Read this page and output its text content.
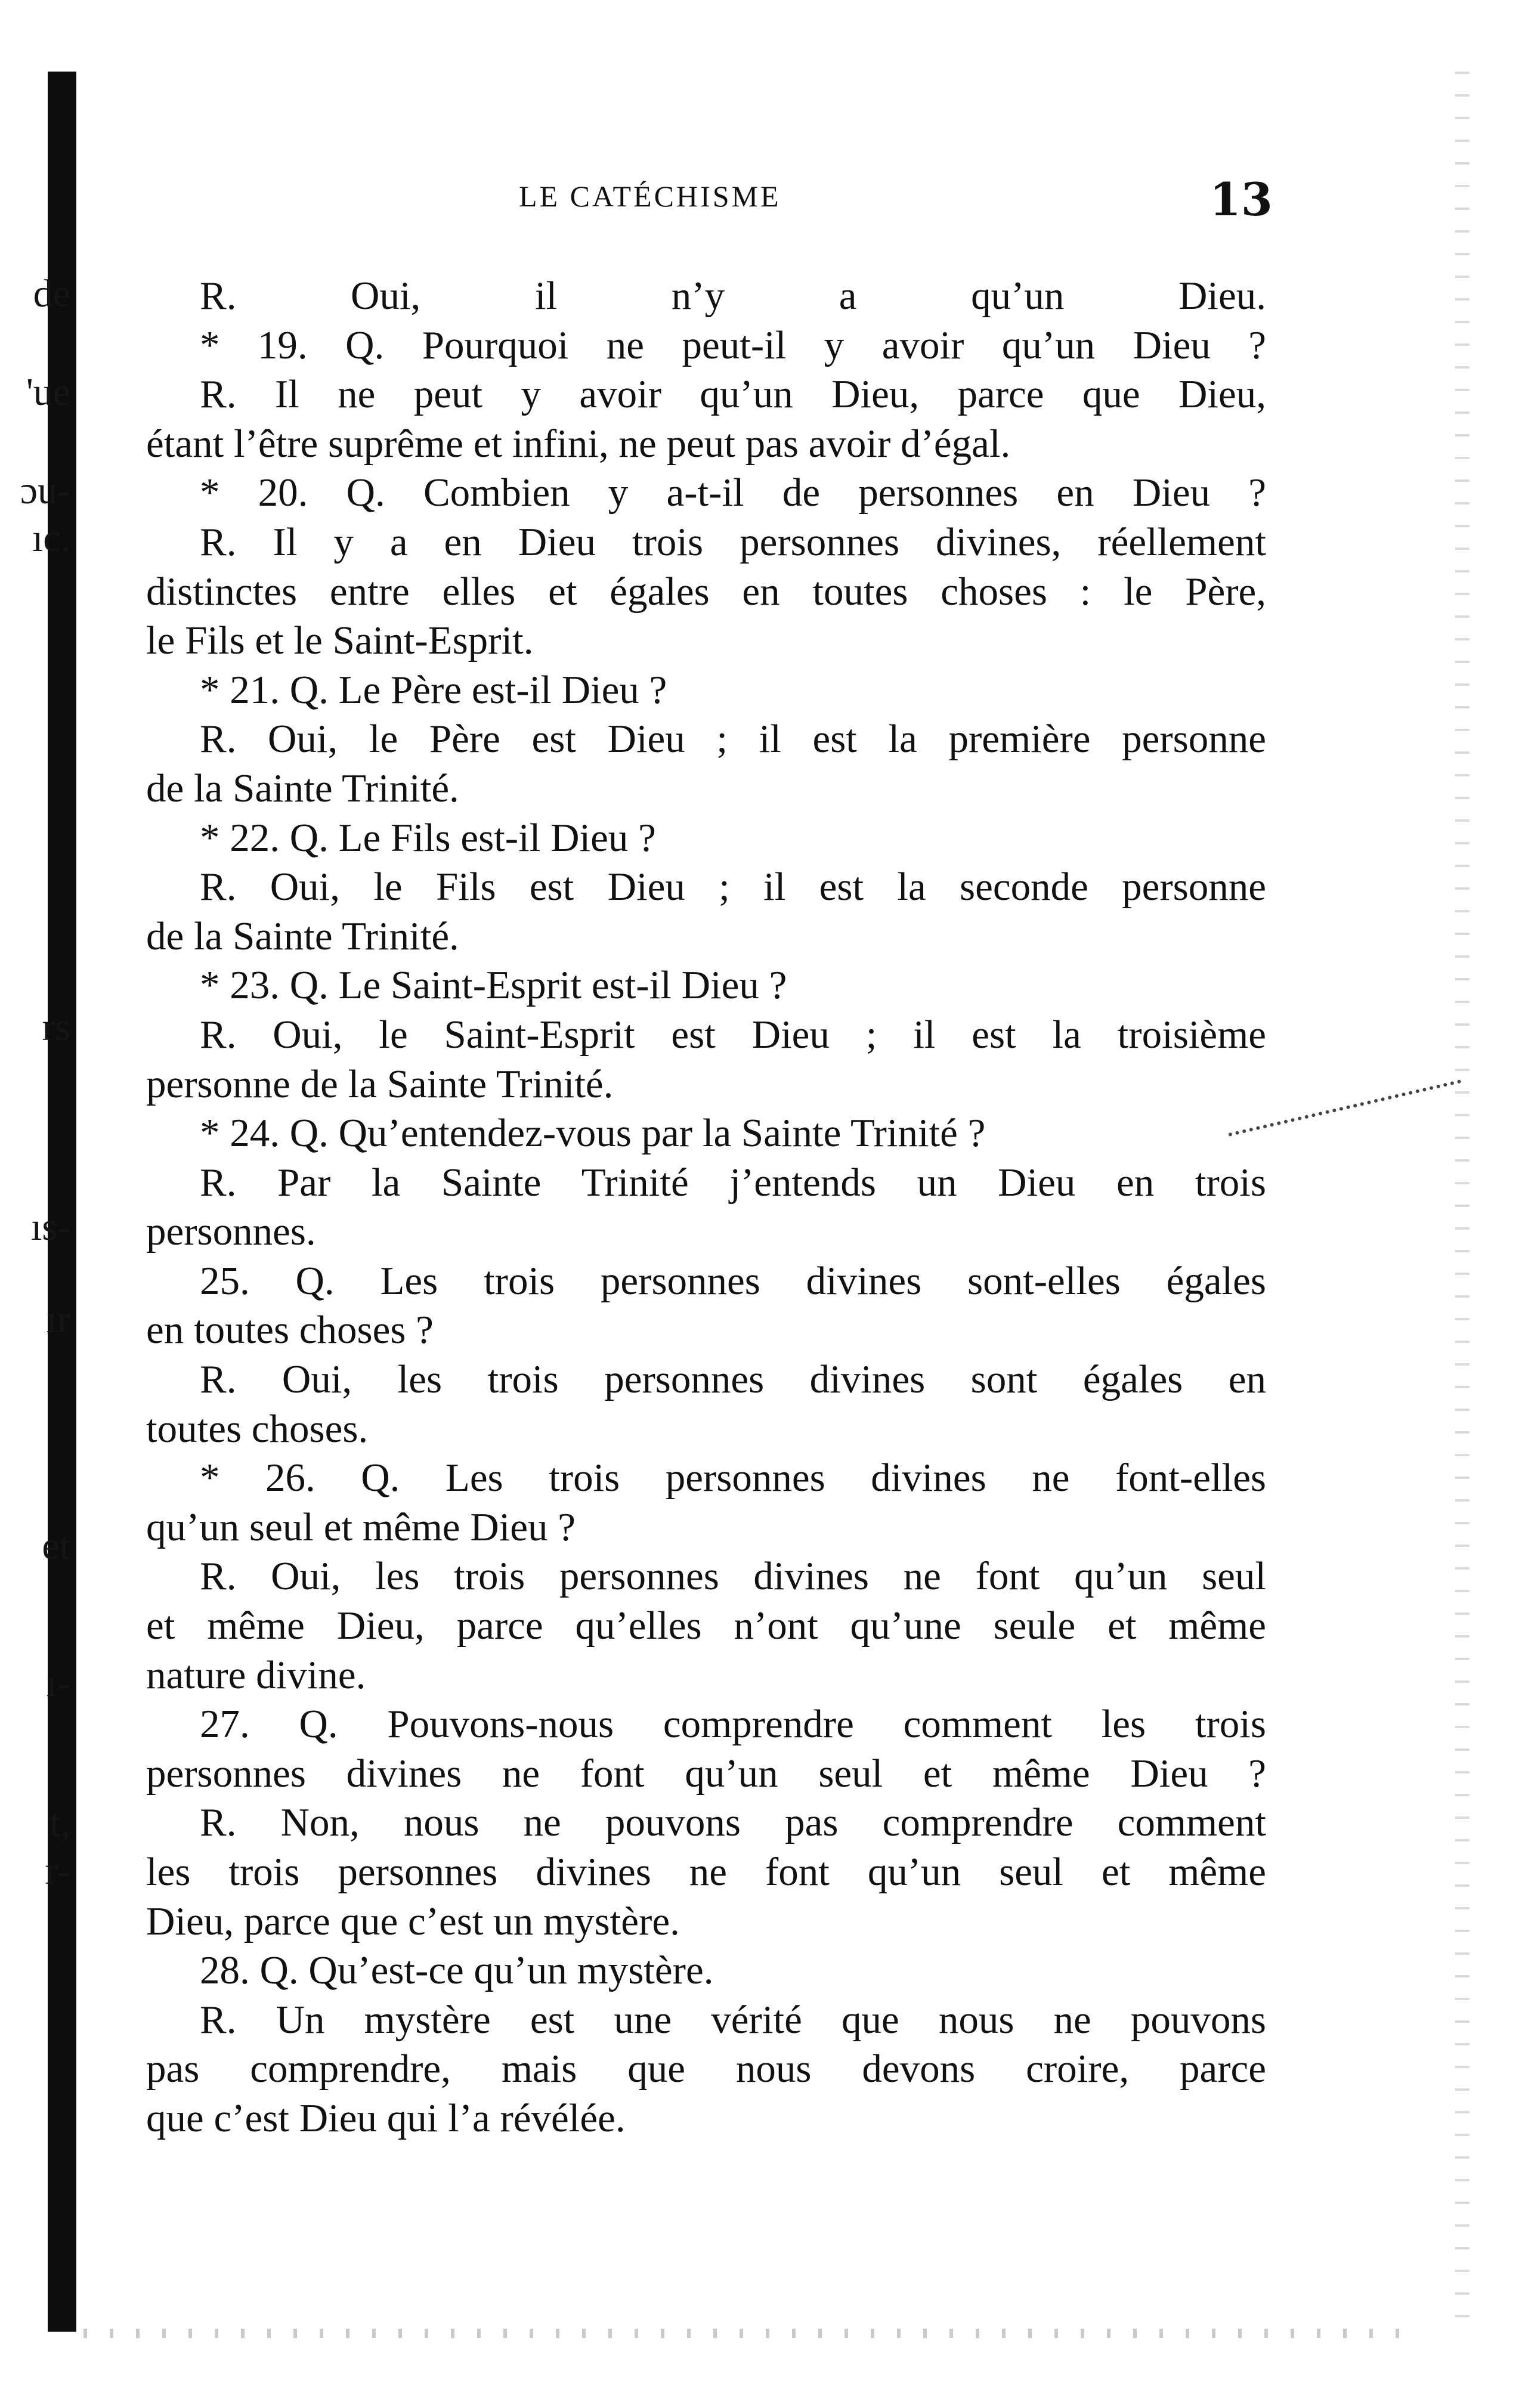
de
'ue
ɔu-
ıc.
rs
ıs-
ır
et
ı-
t,
r-
LE CATÉCHISME	13
R. Oui, il n’y a qu’un Dieu.
* 19. Q. Pourquoi ne peut-il y avoir qu’un Dieu ?
R. Il ne peut y avoir qu’un Dieu, parce que Dieu,
étant l’être suprême et infini, ne peut pas avoir d’égal.
* 20. Q. Combien y a-t-il de personnes en Dieu ?
R. Il y a en Dieu trois personnes divines, réellement
distinctes entre elles et égales en toutes choses : le Père,
le Fils et le Saint-Esprit.
* 21. Q. Le Père est-il Dieu ?
R. Oui, le Père est Dieu ; il est la première personne
de la Sainte Trinité.
* 22. Q. Le Fils est-il Dieu ?
R. Oui, le Fils est Dieu ; il est la seconde personne
de la Sainte Trinité.
* 23. Q. Le Saint-Esprit est-il Dieu ?
R. Oui, le Saint-Esprit est Dieu ; il est la troisième
personne de la Sainte Trinité.
* 24. Q. Qu’entendez-vous par la Sainte Trinité ?
R. Par la Sainte Trinité j’entends un Dieu en trois
personnes.
25. Q. Les trois personnes divines sont-elles égales
en toutes choses ?
R. Oui, les trois personnes divines sont égales en
toutes choses.
* 26. Q. Les trois personnes divines ne font-elles
qu’un seul et même Dieu ?
R. Oui, les trois personnes divines ne font qu’un seul
et même Dieu, parce qu’elles n’ont qu’une seule et même
nature divine.
27. Q. Pouvons-nous comprendre comment les trois
personnes divines ne font qu’un seul et même Dieu ?
R. Non, nous ne pouvons pas comprendre comment
les trois personnes divines ne font qu’un seul et même
Dieu, parce que c’est un mystère.
28. Q. Qu’est-ce qu’un mystère.
R. Un mystère est une vérité que nous ne pouvons
pas comprendre, mais que nous devons croire, parce
que c’est Dieu qui l’a révélée.
